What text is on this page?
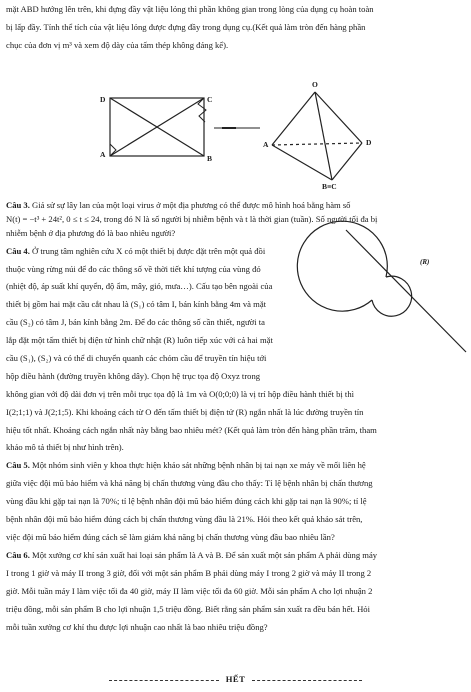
mặt ABD hướng lên trên, khi đựng đầy vật liệu lỏng thì phần không gian trong lòng của dụng cụ hoàn toàn
bị lấp đầy. Tính thể tích của vật liệu lỏng được đựng đầy trong dụng cụ.(Kết quả làm tròn đến hàng phần
chục của đơn vị m³ và xem độ dày của tấm thép không đáng kể).
D	C
A	B
O
A	D
B≡C
Câu 3. Giả sử sự lây lan của một loại virus ở một địa phương có thể được mô hình hoá bằng hàm số
N(t) = −t³ + 24t², 0 ≤ t ≤ 24, trong đó N là số người bị nhiễm bệnh và t là thời gian (tuần). Số người tối đa bị
nhiễm bệnh ở địa phương đó là bao nhiêu người?
Câu 4. Ở trung tâm nghiên cứu X có một thiết bị được đặt trên một quả đồi
thuộc vùng rừng núi để đo các thông số về thời tiết khí tượng của vùng đó
(nhiệt độ, áp suất khí quyển, độ ẩm, mây, gió, mưa…). Cấu tạo bên ngoài của
thiết bị gồm hai mặt cầu cắt nhau là (S₁) có tâm I, bán kính bằng 4m và mặt
cầu (S₂) có tâm J, bán kính bằng 2m. Để đo các thông số cần thiết, người ta
lắp đặt một tấm thiết bị điện tử hình chữ nhật (R) luôn tiếp xúc với cả hai mặt
cầu (S₁), (S₂) và có thể di chuyển quanh các chỏm cầu để truyền tín hiệu tới
hộp điều hành (đường truyền không dây). Chọn hệ trục tọa độ Oxyz trong
(R)
không gian với độ dài đơn vị trên mỗi trục tọa độ là 1m và O(0;0;0) là vị trí hộp điều hành thiết bị thì
I(2;1;1) và J(2;1;5). Khi khoảng cách từ O đến tấm thiết bị điện tử (R) ngắn nhất là lúc đường truyền tín
hiệu tốt nhất. Khoảng cách ngắn nhất này bằng bao nhiêu mét? (Kết quả làm tròn đến hàng phần trăm, tham
khảo mô tả thiết bị như hình trên).
Câu 5. Một nhóm sinh viên y khoa thực hiện khảo sát những bệnh nhân bị tai nạn xe máy về mối liên hệ
giữa việc đội mũ bảo hiểm và khả năng bị chấn thương vùng đầu cho thấy: Tỉ lệ bệnh nhân bị chấn thương
vùng đầu khi gặp tai nạn là 70%; tỉ lệ bệnh nhân đội mũ bảo hiểm đúng cách khi gặp tai nạn là 90%; tỉ lệ
bệnh nhân đội mũ bảo hiểm đúng cách bị chấn thương vùng đầu là 21%. Hỏi theo kết quả khảo sát trên,
việc đội mũ bảo hiểm đúng cách sẽ làm giảm khả năng bị chấn thương vùng đầu bao nhiêu lần?
Câu 6. Một xưởng cơ khí sản xuất hai loại sản phẩm là A và B. Để sản xuất một sản phẩm A phải dùng máy
I trong 1 giờ và máy II trong 3 giờ, đối với một sản phẩm B phải dùng máy I trong 2 giờ và máy II trong 2
giờ. Mỗi tuần máy I làm việc tối đa 40 giờ, máy II làm việc tối đa 60 giờ. Mỗi sản phẩm A cho lợi nhuận 2
triệu đồng, mỗi sản phẩm B cho lợi nhuận 1,5 triệu đồng. Biết rằng sản phẩm sản xuất ra đều bán hết. Hỏi
mỗi tuần xưởng cơ khí thu được lợi nhuận cao nhất là bao nhiêu triệu đồng?
HẾT
